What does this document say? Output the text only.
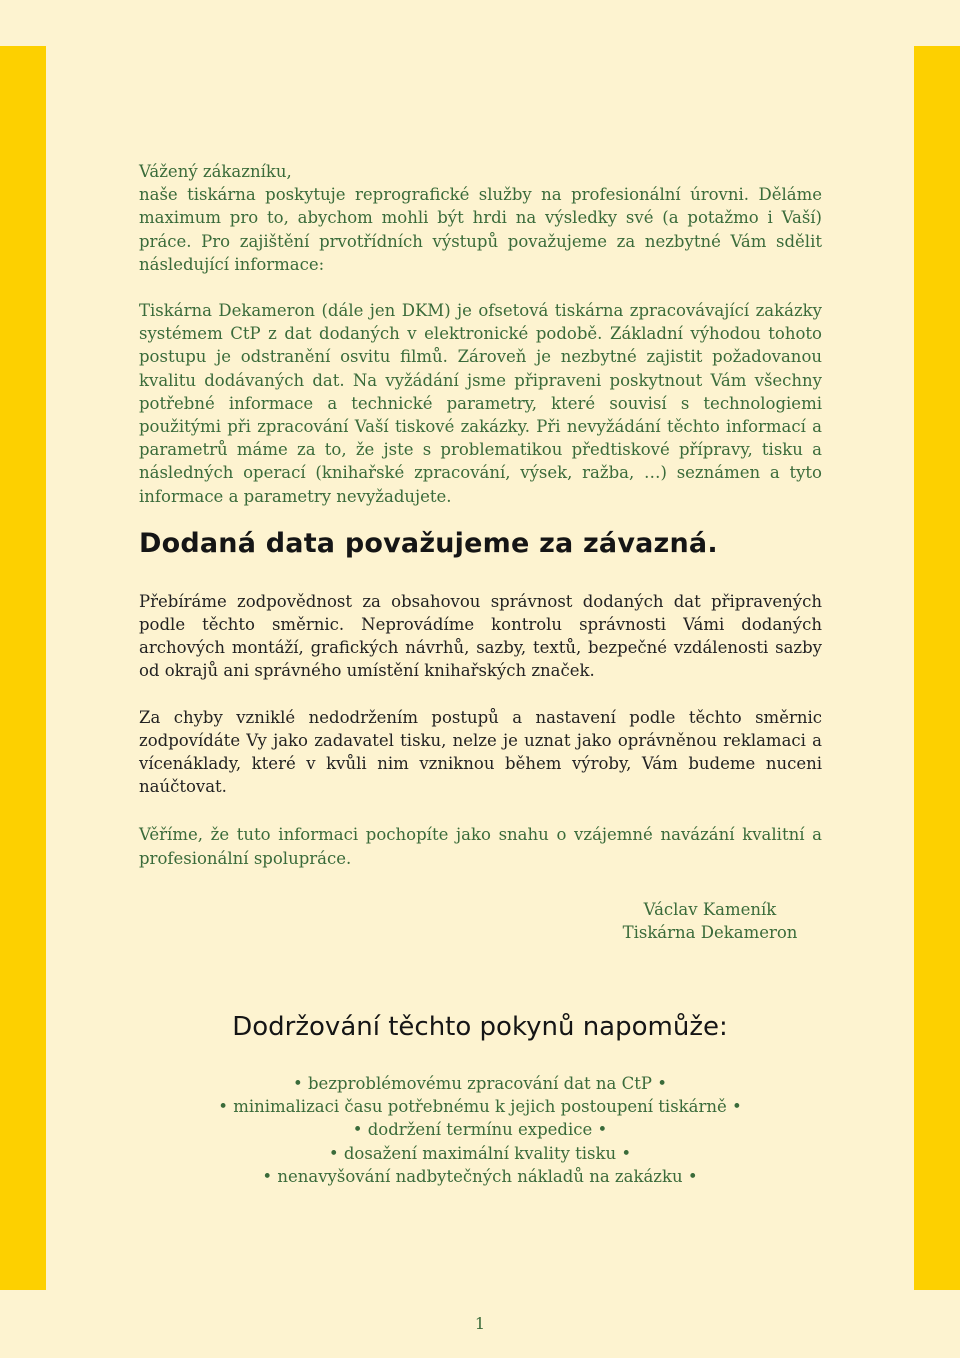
Vážený zákazníku,

naše tiskárna poskytuje reprografické služby na profesionální úrovni. Děláme maximum pro to, abychom mohli být hrdi na výsledky své (a potažmo i Vaší) práce. Pro zajištění prvotřídních výstupů považujeme za nezbytné Vám sdělit následující informace:

Tiskárna Dekameron (dále jen DKM) je ofsetová tiskárna zpracovávající zakázky systémem CtP z dat dodaných v elektronické podobě. Základní výhodou tohoto postupu je odstranění osvitu filmů. Zároveň je nezbytné zajistit požadovanou kvalitu dodávaných dat. Na vyžádání jsme připraveni poskytnout Vám všechny potřebné informace a technické parametry, které souvisí s technologiemi použitými při zpracování Vaší tiskové zakázky. Při nevyžádání těchto informací a parametrů máme za to, že jste s problematikou předtiskové přípravy, tisku a následných operací (knihařské zpracování, výsek, ražba, …) seznámen a tyto informace a parametry nevyžadujete.

Dodaná data považujeme za závazná.

Přebíráme zodpovědnost za obsahovou správnost dodaných dat připravených podle těchto směrnic. Neprovádíme kontrolu správnosti Vámi dodaných archových montáží, grafických návrhů, sazby, textů, bezpečné vzdálenosti sazby od okrajů ani správného umístění knihařských značek.

Za chyby vzniklé nedodržením postupů a nastavení podle těchto směrnic zodpovídáte Vy jako zadavatel tisku, nelze je uznat jako oprávněnou reklamaci a vícenáklady, které v kvůli nim vzniknou během výroby, Vám budeme nuceni naúčtovat.

Věříme, že tuto informaci pochopíte jako snahu o vzájemné navázání kvalitní a profesionální spolupráce.

Václav Kameník
Tiskárna Dekameron
Dodržování těchto pokynů napomůže:
• bezproblémovému zpracování dat na CtP •
• minimalizaci času potřebnému k jejich postoupení tiskárně •
• dodržení termínu expedice •
• dosažení maximální kvality tisku •
• nenavyšování nadbytečných nákladů na zakázku •
1
